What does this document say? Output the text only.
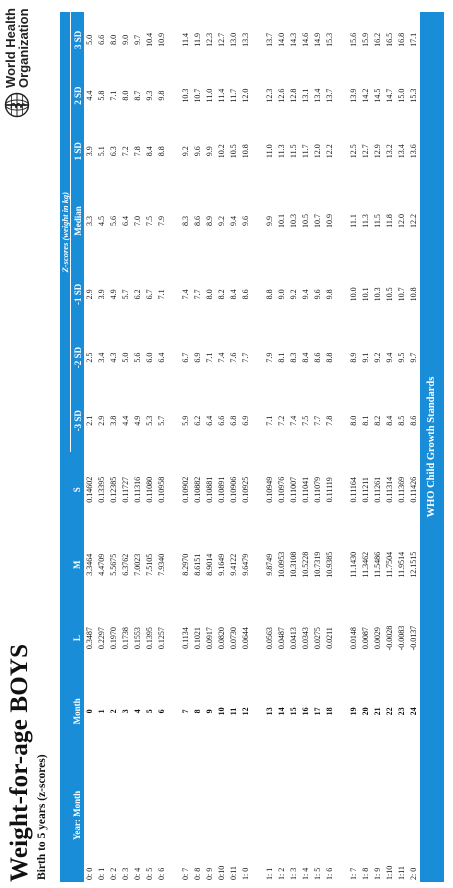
Weight-for-age BOYS Birth to 5 years (z-scores)
World Health
Organization
					Z-scores (weight in kg)						
Year: Month	Month	L	M	S	-3 SD	-2 SD	-1 SD	Median	1 SD	2 SD	3 SD
0: 0	0	0.3487	3.3464	0.14602	2.1	2.5	2.9	3.3	3.9	4.4	5.0
0: 1	1	0.2297	4.4709	0.13395	2.9	3.4	3.9	4.5	5.1	5.8	6.6
0: 2	2	0.1970	5.5675	0.12385	3.8	4.3	4.9	5.6	6.3	7.1	8.0
0: 3	3	0.1738	6.3762	0.11727	4.4	5.0	5.7	6.4	7.2	8.0	9.0
0: 4	4	0.1553	7.0023	0.11316	4.9	5.6	6.2	7.0	7.8	8.7	9.7
0: 5	5	0.1395	7.5105	0.11080	5.3	6.0	6.7	7.5	8.4	9.3	10.4
0: 6	6	0.1257	7.9340	0.10958	5.7	6.4	7.1	7.9	8.8	9.8	10.9

0: 7	7	0.1134	8.2970	0.10902	5.9	6.7	7.4	8.3	9.2	10.3	11.4
0: 8	8	0.1021	8.6151	0.10882	6.2	6.9	7.7	8.6	9.6	10.7	11.9
0: 9	9	0.0917	8.9014	0.10881	6.4	7.1	8.0	8.9	9.9	11.0	12.3
0:10	10	0.0820	9.1649	0.10891	6.6	7.4	8.2	9.2	10.2	11.4	12.7
0:11	11	0.0730	9.4122	0.10906	6.8	7.6	8.4	9.4	10.5	11.7	13.0
1: 0	12	0.0644	9.6479	0.10925	6.9	7.7	8.6	9.6	10.8	12.0	13.3

1: 1	13	0.0563	9.8749	0.10949	7.1	7.9	8.8	9.9	11.0	12.3	13.7
1: 2	14	0.0487	10.0953	0.10976	7.2	8.1	9.0	10.1	11.3	12.6	14.0
1: 3	15	0.0413	10.3108	0.11007	7.4	8.3	9.2	10.3	11.5	12.8	14.3
1: 4	16	0.0343	10.5228	0.11041	7.5	8.4	9.4	10.5	11.7	13.1	14.6
1: 5	17	0.0275	10.7319	0.11079	7.7	8.6	9.6	10.7	12.0	13.4	14.9
1: 6	18	0.0211	10.9385	0.11119	7.8	8.8	9.8	10.9	12.2	13.7	15.3

1: 7	19	0.0148	11.1430	0.11164	8.0	8.9	10.0	11.1	12.5	13.9	15.6
1: 8	20	0.0087	11.3462	0.11211	8.1	9.1	10.1	11.3	12.7	14.2	15.9
1: 9	21	0.0029	11.5486	0.11261	8.2	9.2	10.3	11.5	12.9	14.5	16.2
1:10	22	-0.0028	11.7504	0.11314	8.4	9.4	10.5	11.8	13.2	14.7	16.5
1:11	23	-0.0083	11.9514	0.11369	8.5	9.5	10.7	12.0	13.4	15.0	16.8
2: 0	24	-0.0137	12.1515	0.11426	8.6	9.7	10.8	12.2	13.6	15.3	17.1
WHO Child Growth Standards											
